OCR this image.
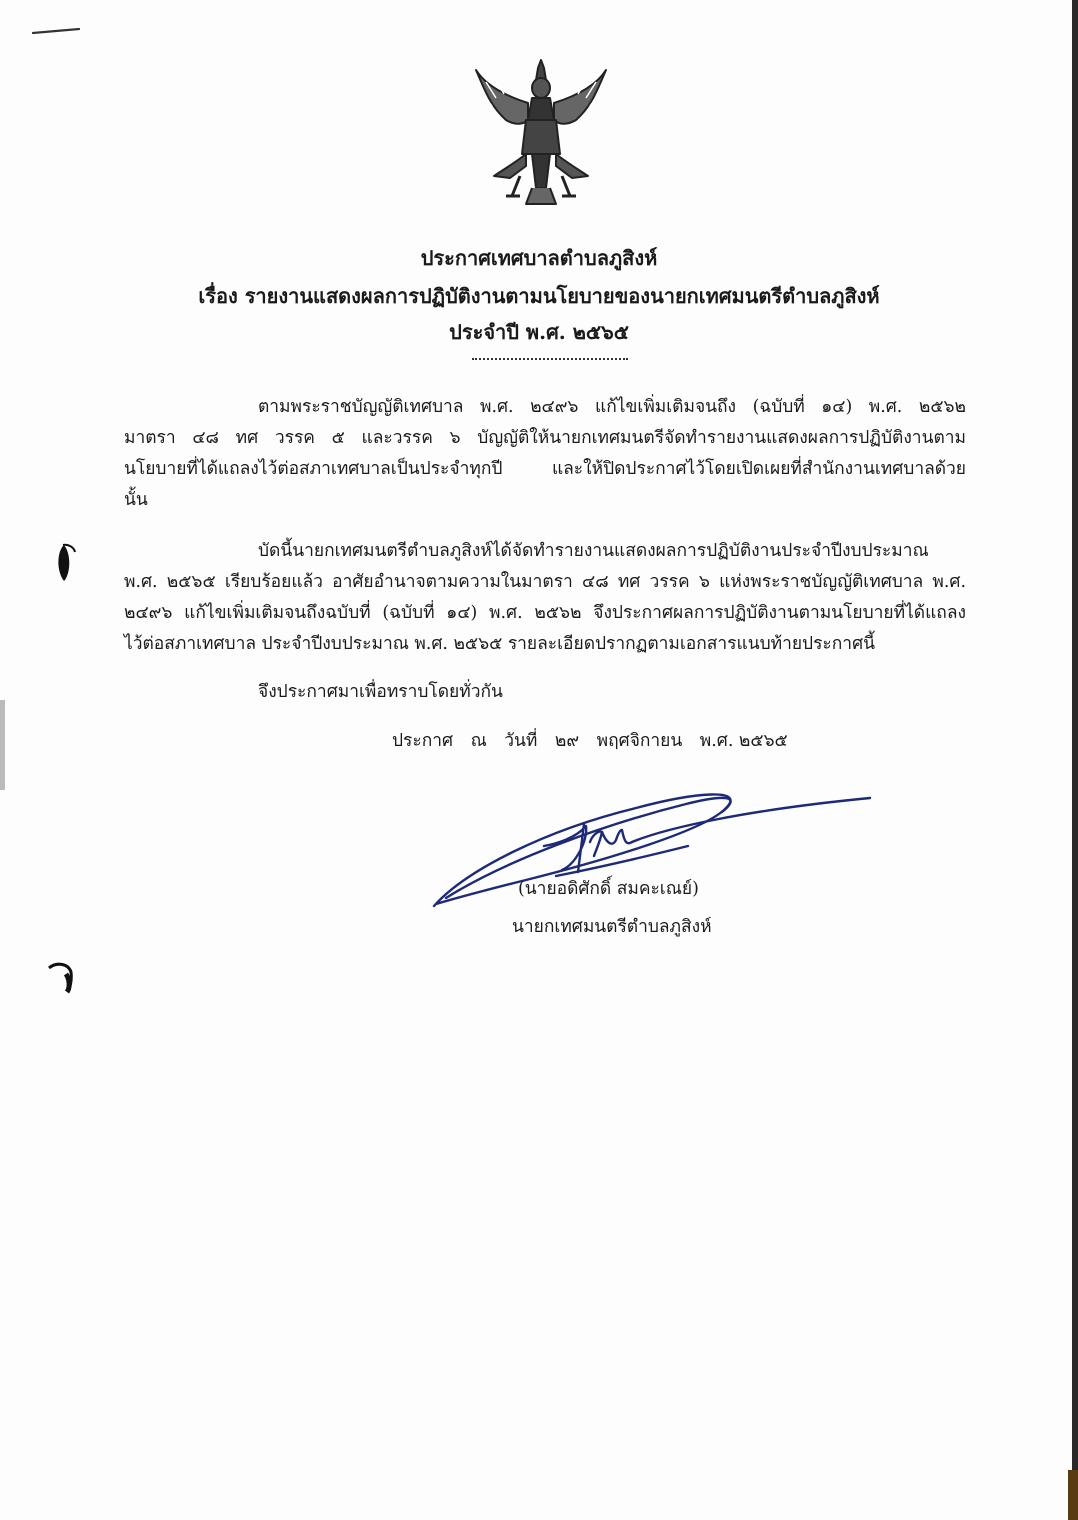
ประกาศเทศบาลตำบลภูสิงห์
เรื่อง รายงานแสดงผลการปฏิบัติงานตามนโยบายของนายกเทศมนตรีตำบลภูสิงห์
ประจำปี พ.ศ. ๒๕๖๕
ตามพระราชบัญญัติเทศบาล พ.ศ. ๒๔๙๖ แก้ไขเพิ่มเติมจนถึง (ฉบับที่ ๑๔) พ.ศ. ๒๕๖๒
มาตรา ๔๘ ทศ วรรค ๕ และวรรค ๖ บัญญัติให้นายกเทศมนตรีจัดทำรายงานแสดงผลการปฏิบัติงานตาม
นโยบายที่ได้แถลงไว้ต่อสภาเทศบาลเป็นประจำทุกปี และให้ปิดประกาศไว้โดยเปิดเผยที่สำนักงานเทศบาลด้วย
นั้น
บัดนี้นายกเทศมนตรีตำบลภูสิงห์ได้จัดทำรายงานแสดงผลการปฏิบัติงานประจำปีงบประมาณ
พ.ศ. ๒๕๖๕ เรียบร้อยแล้ว อาศัยอำนาจตามความในมาตรา ๔๘ ทศ วรรค ๖ แห่งพระราชบัญญัติเทศบาล พ.ศ.
๒๔๙๖ แก้ไขเพิ่มเติมจนถึงฉบับที่ (ฉบับที่ ๑๔) พ.ศ. ๒๕๖๒ จึงประกาศผลการปฏิบัติงานตามนโยบายที่ได้แถลง
ไว้ต่อสภาเทศบาล ประจำปีงบประมาณ พ.ศ. ๒๕๖๕ รายละเอียดปรากฏตามเอกสารแนบท้ายประกาศนี้
จึงประกาศมาเพื่อทราบโดยทั่วกัน
ประกาศ ณ วันที่ ๒๙ พฤศจิกายน พ.ศ. ๒๕๖๕
(นายอดิศักดิ์ สมคะเณย์)
นายกเทศมนตรีตำบลภูสิงห์
